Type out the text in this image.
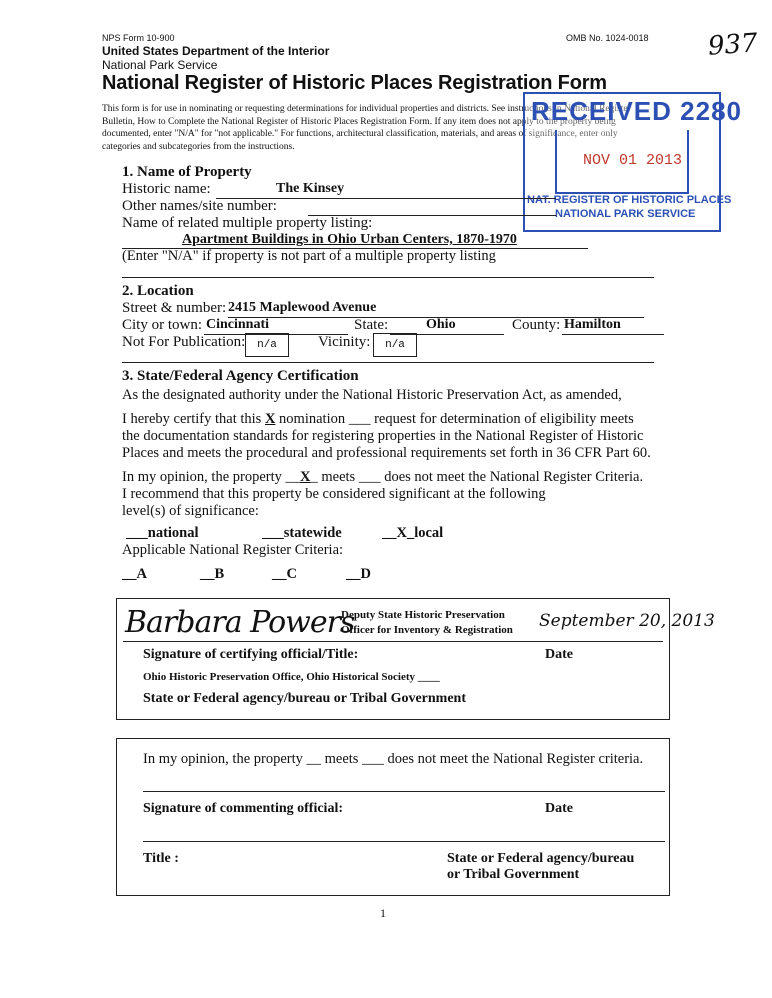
NPS Form 10-900	OMB No. 1024-0018
United States Department of the Interior
National Park Service
National Register of Historic Places Registration Form
937
This form is for use in nominating or requesting determinations for individual properties and districts. See instructions in National Register
Bulletin, How to Complete the National Register of Historic Places Registration Form. If any item does not apply to the property being
documented, enter "N/A" for "not applicable." For functions, architectural classification, materials, and areas of significance, enter only
categories and subcategories from the instructions.
RECEIVED 2280
NOV 01 2013
NAT. REGISTER OF HISTORIC PLACES
NATIONAL PARK SERVICE
1. Name of Property
Historic name:	The Kinsey
Other names/site number:
Name of related multiple property listing:
Apartment Buildings in Ohio Urban Centers, 1870-1970
(Enter "N/A" if property is not part of a multiple property listing
2. Location
Street & number: 2415 Maplewood Avenue
City or town: Cincinnati	State:	Ohio	County: Hamilton
Not For Publication:	n/a	Vicinity:	n/a
3. State/Federal Agency Certification
As the designated authority under the National Historic Preservation Act, as amended,
I hereby certify that this X nomination ___ request for determination of eligibility meets
the documentation standards for registering properties in the National Register of Historic
Places and meets the procedural and professional requirements set forth in 36 CFR Part 60.
In my opinion, the property __X_ meets ___ does not meet the National Register Criteria.
I recommend that this property be considered significant at the following
level(s) of significance:
___national	___statewide	__X_local
Applicable National Register Criteria:
__A	__B	__C	__D
Barbara Powers
Deputy State Historic Preservation
Officer for Inventory & Registration September 20, 2013
Signature of certifying official/Title:	Date
Ohio Historic Preservation Office, Ohio Historical Society ____
State or Federal agency/bureau or Tribal Government
In my opinion, the property __ meets ___ does not meet the National Register criteria.
Signature of commenting official:	Date
Title :	State or Federal agency/bureau
or Tribal Government
1
